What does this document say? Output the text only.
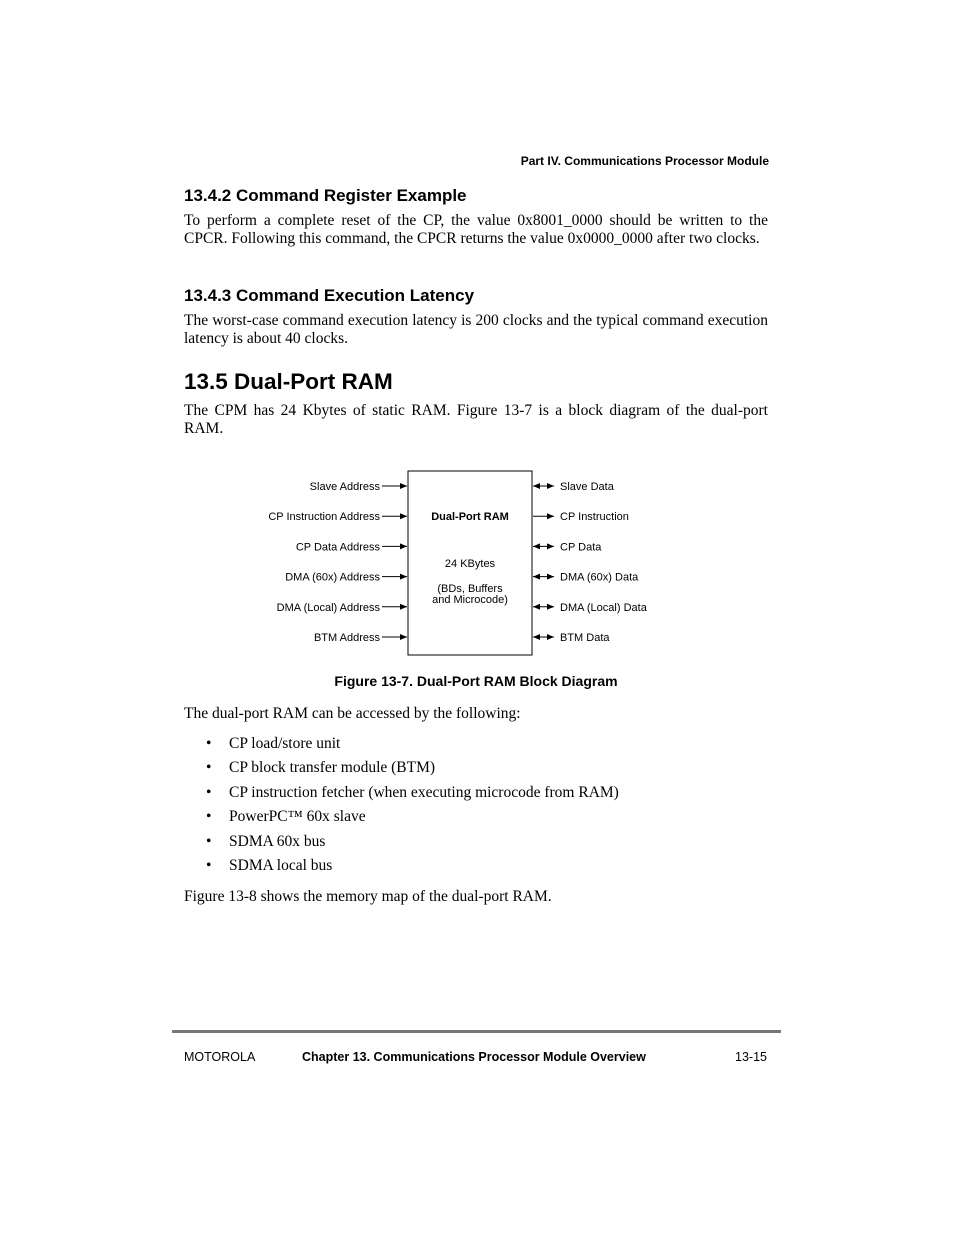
Part IV. Communications Processor Module
13.4.2 Command Register Example

To perform a complete reset of the CP, the value 0x8001_0000 should be written to the CPCR. Following this command, the CPCR returns the value 0x0000_0000 after two clocks.

13.4.3 Command Execution Latency

The worst-case command execution latency is 200 clocks and the typical command execution latency is about 40 clocks.

13.5 Dual-Port RAM

The CPM has 24 Kbytes of static RAM. Figure 13-7 is a block diagram of the dual-port RAM.

Dual-Port RAM
24 KBytes
(BDs, Buffers
and Microcode)
Slave Address
CP Instruction Address
CP Data Address
DMA (60x) Address
DMA (Local) Address
BTM Address
Slave Data
CP Instruction
CP Data
DMA (60x) Data
DMA (Local) Data
BTM Data
Figure 13-7. Dual-Port RAM Block Diagram

The dual-port RAM can be accessed by the following:

•	CP load/store unit
•	CP block transfer module (BTM)
•	CP instruction fetcher (when executing microcode from RAM)
•	PowerPC™ 60x slave
•	SDMA 60x bus
•	SDMA local bus

Figure 13-8 shows the memory map of the dual-port RAM.

MOTOROLA	Chapter 13. Communications Processor Module Overview	13-15
